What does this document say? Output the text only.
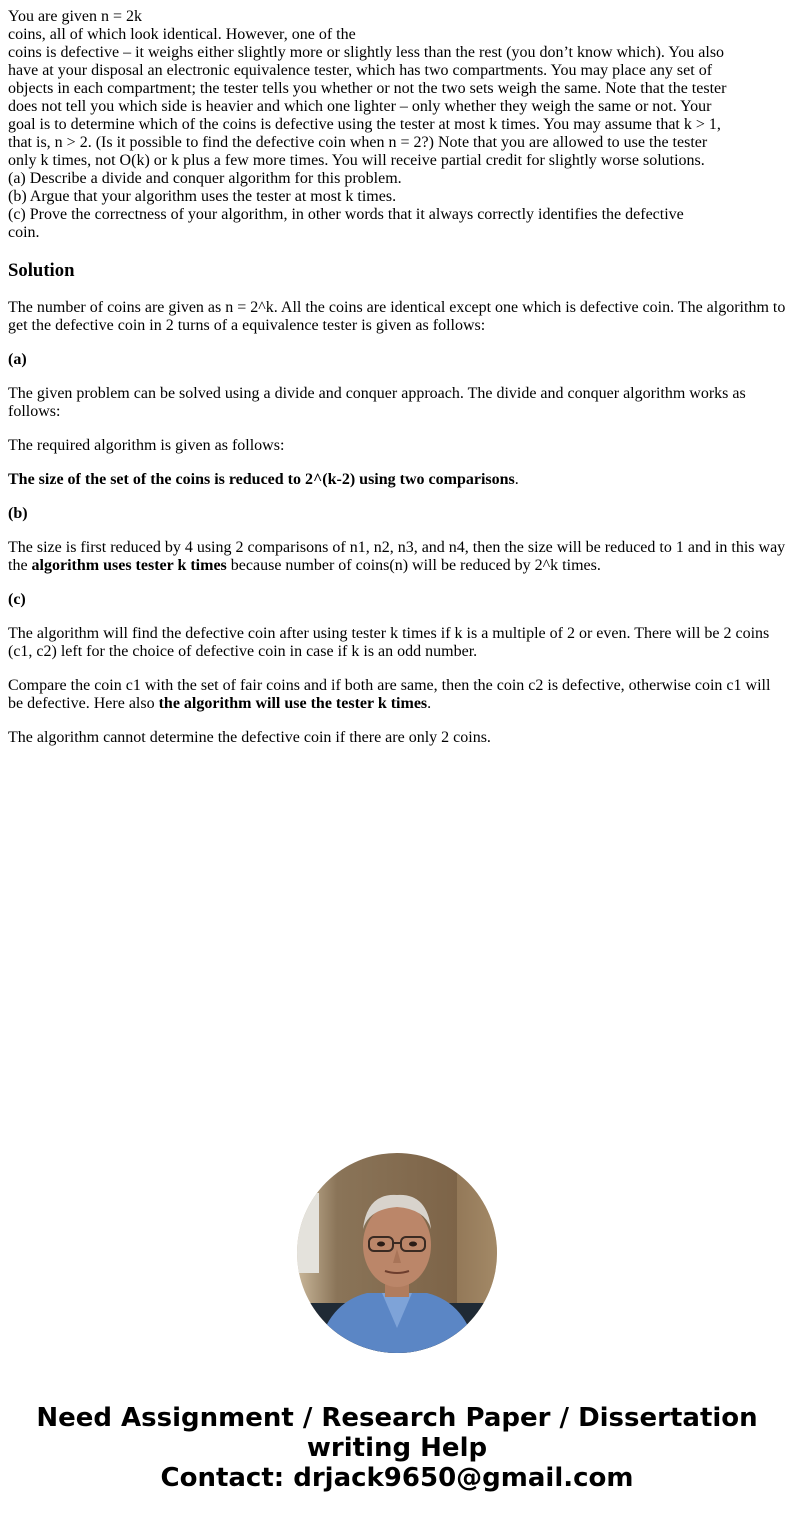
You are given n = 2k
coins, all of which look identical. However, one of the
coins is defective – it weighs either slightly more or slightly less than the rest (you don’t know which). You also
have at your disposal an electronic equivalence tester, which has two compartments. You may place any set of
objects in each compartment; the tester tells you whether or not the two sets weigh the same. Note that the tester
does not tell you which side is heavier and which one lighter – only whether they weigh the same or not. Your
goal is to determine which of the coins is defective using the tester at most k times. You may assume that k > 1,
that is, n > 2. (Is it possible to find the defective coin when n = 2?) Note that you are allowed to use the tester
only k times, not O(k) or k plus a few more times. You will receive partial credit for slightly worse solutions.
(a) Describe a divide and conquer algorithm for this problem.
(b) Argue that your algorithm uses the tester at most k times.
(c) Prove the correctness of your algorithm, in other words that it always correctly identifies the defective
coin.
Solution

The number of coins are given as n = 2^k. All the coins are identical except one which is defective coin. The algorithm to get the defective coin in 2 turns of a equivalence tester is given as follows:

(a)

The given problem can be solved using a divide and conquer approach. The divide and conquer algorithm works as follows:

The required algorithm is given as follows:

The size of the set of the coins is reduced to 2^(k-2) using two comparisons.

(b)

The size is first reduced by 4 using 2 comparisons of n1, n2, n3, and n4, then the size will be reduced to 1 and in this way the algorithm uses tester k times because number of coins(n) will be reduced by 2^k times.

(c)

The algorithm will find the defective coin after using tester k times if k is a multiple of 2 or even. There will be 2 coins (c1, c2) left for the choice of defective coin in case if k is an odd number.

Compare the coin c1 with the set of fair coins and if both are same, then the coin c2 is defective, otherwise coin c1 will be defective. Here also the algorithm will use the tester k times.

The algorithm cannot determine the defective coin if there are only 2 coins.

Need Assignment / Research Paper / Dissertation
writing Help
Contact: drjack9650@gmail.com
